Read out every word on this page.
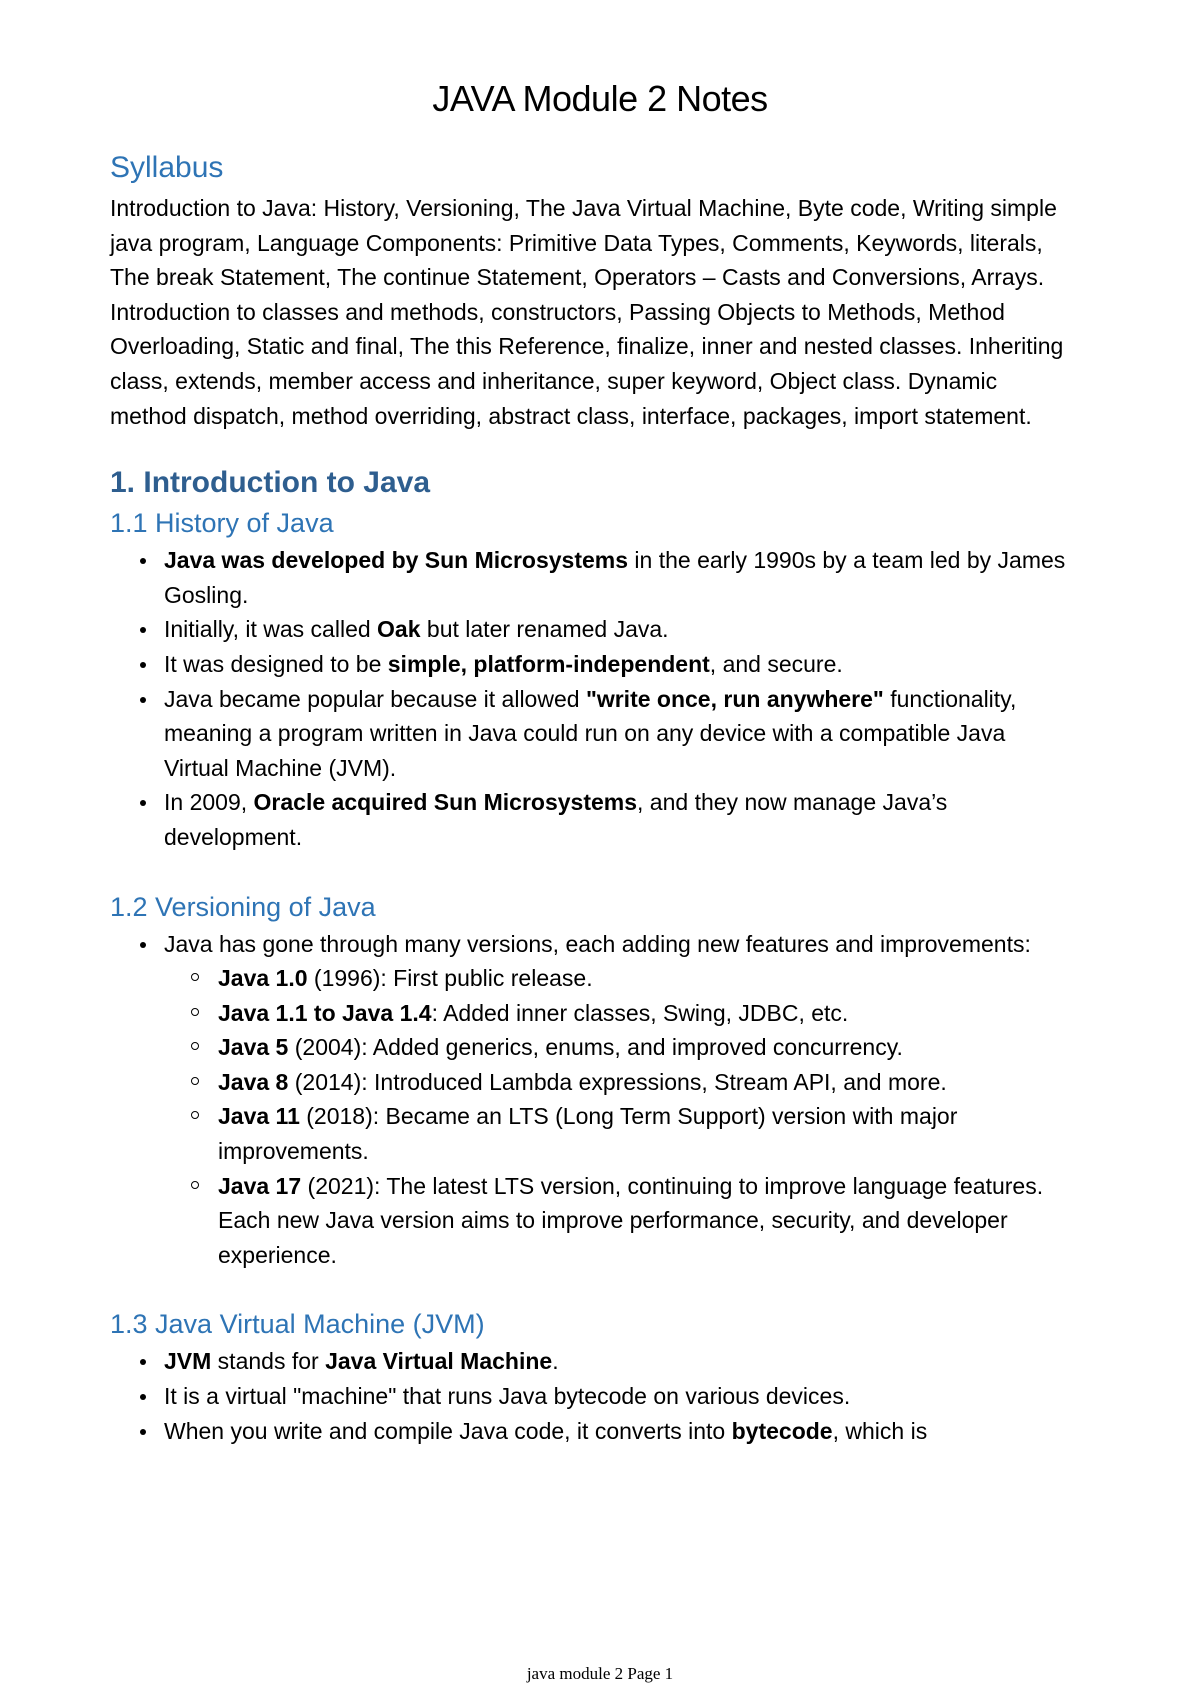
JAVA Module 2 Notes
Syllabus

Introduction to Java: History, Versioning, The Java Virtual Machine, Byte code, Writing simple java program, Language Components: Primitive Data Types, Comments, Keywords, literals, The break Statement, The continue Statement, Operators – Casts and Conversions, Arrays. Introduction to classes and methods, constructors, Passing Objects to Methods, Method Overloading, Static and final, The this Reference, finalize, inner and nested classes. Inheriting class, extends, member access and inheritance, super keyword, Object class. Dynamic method dispatch, method overriding, abstract class, interface, packages, import statement.

1. Introduction to Java
1.1 History of Java
Java was developed by Sun Microsystems in the early 1990s by a team led by James Gosling.
Initially, it was called Oak but later renamed Java.
It was designed to be simple, platform-independent, and secure.
Java became popular because it allowed "write once, run anywhere" functionality, meaning a program written in Java could run on any device with a compatible Java Virtual Machine (JVM).
In 2009, Oracle acquired Sun Microsystems, and they now manage Java’s development.
1.2 Versioning of Java
Java has gone through many versions, each adding new features and improvements:
Java 1.0 (1996): First public release.
Java 1.1 to Java 1.4: Added inner classes, Swing, JDBC, etc.
Java 5 (2004): Added generics, enums, and improved concurrency.
Java 8 (2014): Introduced Lambda expressions, Stream API, and more.
Java 11 (2018): Became an LTS (Long Term Support) version with major improvements.
Java 17 (2021): The latest LTS version, continuing to improve language features.
Each new Java version aims to improve performance, security, and developer experience.
1.3 Java Virtual Machine (JVM)
JVM stands for Java Virtual Machine.
It is a virtual "machine" that runs Java bytecode on various devices.
When you write and compile Java code, it converts into bytecode, which is
java module 2 Page 1
